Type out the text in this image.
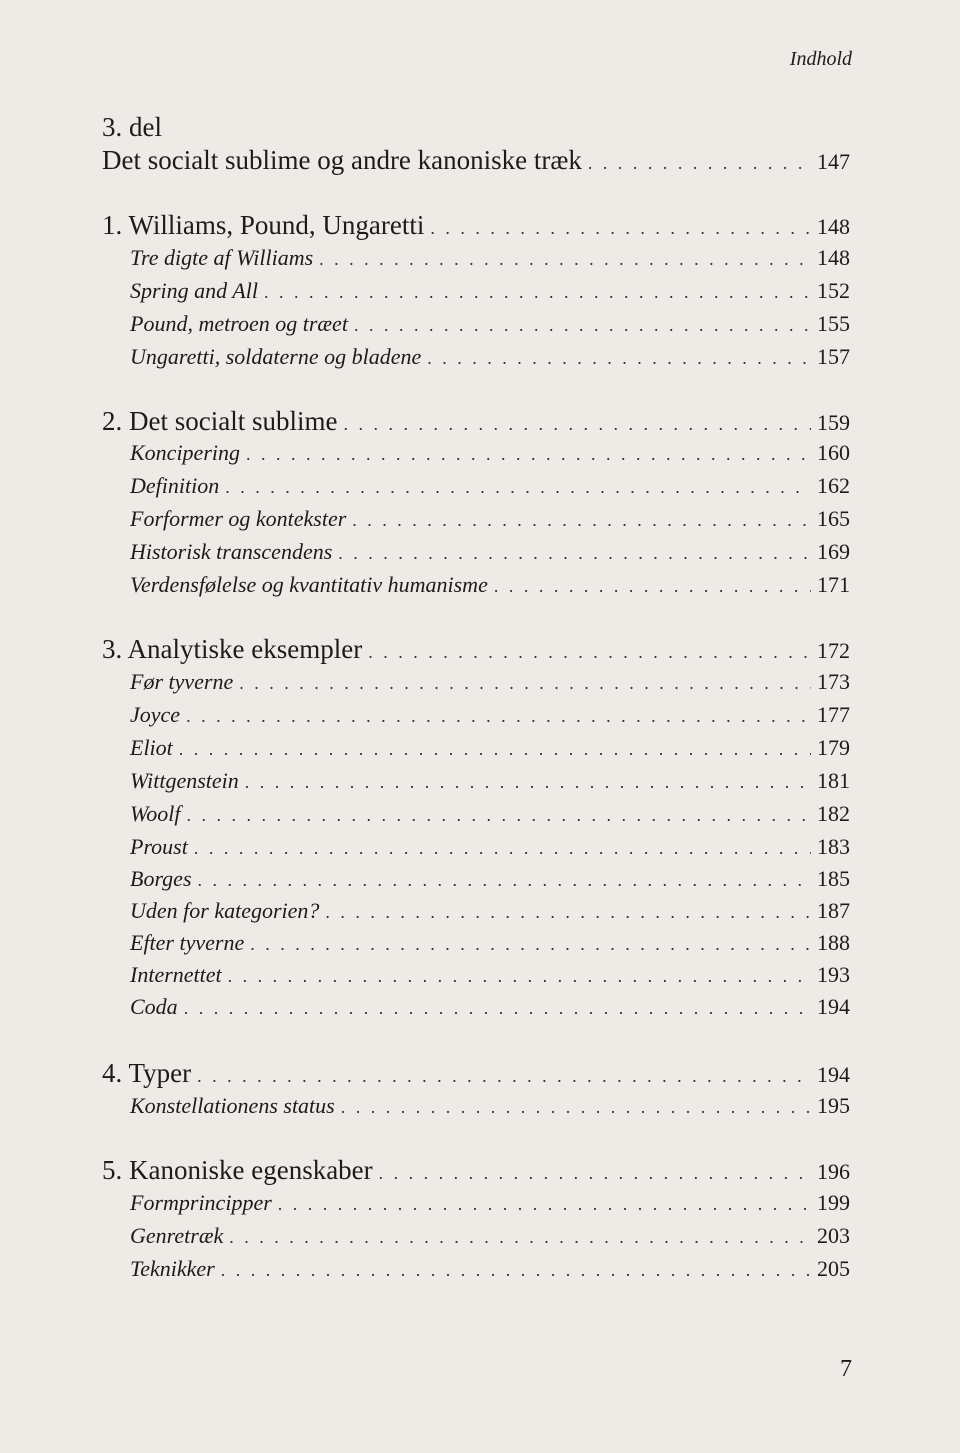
Indhold
3. del
Det socialt sublime og andre kanoniske træk . . .	147
1. Williams, Pound, Ungaretti . . .	148
Tre digte af Williams . . .	148
Spring and All . . .	152
Pound, metroen og træet . . .	155
Ungaretti, soldaterne og bladene . . .	157
2. Det socialt sublime . . .	159
Koncipering . . .	160
Definition . . .	162
Forformer og kontekster . . .	165
Historisk transcendens . . .	169
Verdensfølelse og kvantitativ humanisme . . .	171
3. Analytiske eksempler . . .	172
Før tyverne . . .	173
Joyce . . .	177
Eliot . . .	179
Wittgenstein . . .	181
Woolf . . .	182
Proust . . .	183
Borges . . .	185
Uden for kategorien? . . .	187
Efter tyverne . . .	188
Internettet . . .	193
Coda . . .	194
4. Typer . . .	194
Konstellationens status . . .	195
5. Kanoniske egenskaber . . .	196
Formprincipper . . .	199
Genretræk . . .	203
Teknikker . . .	205
7
